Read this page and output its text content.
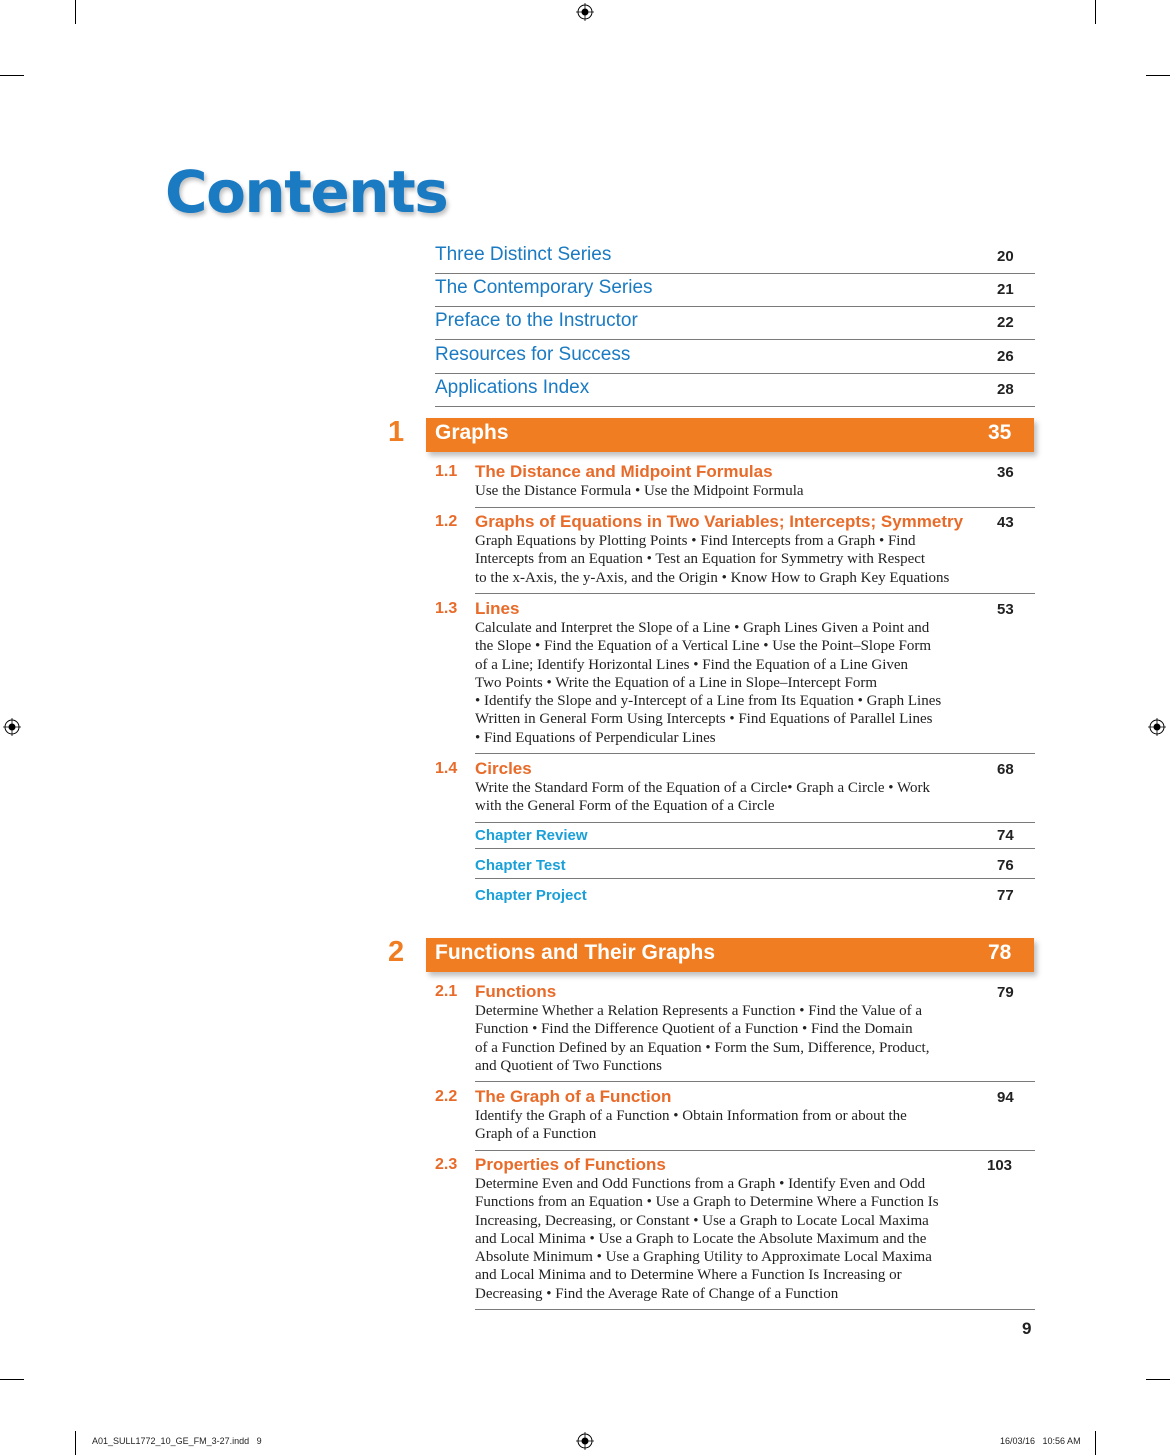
Contents
Three Distinct Series	20
The Contemporary Series	21
Preface to the Instructor	22
Resources for Success	26
Applications Index	28
1 Graphs	35
1.1 The Distance and Midpoint Formulas	36
Use the Distance Formula • Use the Midpoint Formula
1.2 Graphs of Equations in Two Variables; Intercepts; Symmetry 43
Graph Equations by Plotting Points • Find Intercepts from a Graph • Find
Intercepts from an Equation • Test an Equation for Symmetry with Respect
to the x-Axis, the y-Axis, and the Origin • Know How to Graph Key Equations
1.3 Lines	53
Calculate and Interpret the Slope of a Line • Graph Lines Given a Point and
the Slope • Find the Equation of a Vertical Line • Use the Point–Slope Form
of a Line; Identify Horizontal Lines • Find the Equation of a Line Given
Two Points • Write the Equation of a Line in Slope–Intercept Form
• Identify the Slope and y-Intercept of a Line from Its Equation • Graph Lines
Written in General Form Using Intercepts • Find Equations of Parallel Lines
• Find Equations of Perpendicular Lines
1.4 Circles	68
Write the Standard Form of the Equation of a Circle• Graph a Circle • Work
with the General Form of the Equation of a Circle
Chapter Review	74
Chapter Test	76
Chapter Project	77
2 Functions and Their Graphs	78
2.1 Functions	79
Determine Whether a Relation Represents a Function • Find the Value of a
Function • Find the Difference Quotient of a Function • Find the Domain
of a Function Defined by an Equation • Form the Sum, Difference, Product,
and Quotient of Two Functions
2.2 The Graph of a Function	94
Identify the Graph of a Function • Obtain Information from or about the
Graph of a Function
2.3 Properties of Functions	103
Determine Even and Odd Functions from a Graph • Identify Even and Odd
Functions from an Equation • Use a Graph to Determine Where a Function Is
Increasing, Decreasing, or Constant • Use a Graph to Locate Local Maxima
and Local Minima • Use a Graph to Locate the Absolute Maximum and the
Absolute Minimum • Use a Graphing Utility to Approximate Local Maxima
and Local Minima and to Determine Where a Function Is Increasing or
Decreasing • Find the Average Rate of Change of a Function
9
A01_SULL1772_10_GE_FM_3-27.indd   9	16/03/16   10:56 AM
